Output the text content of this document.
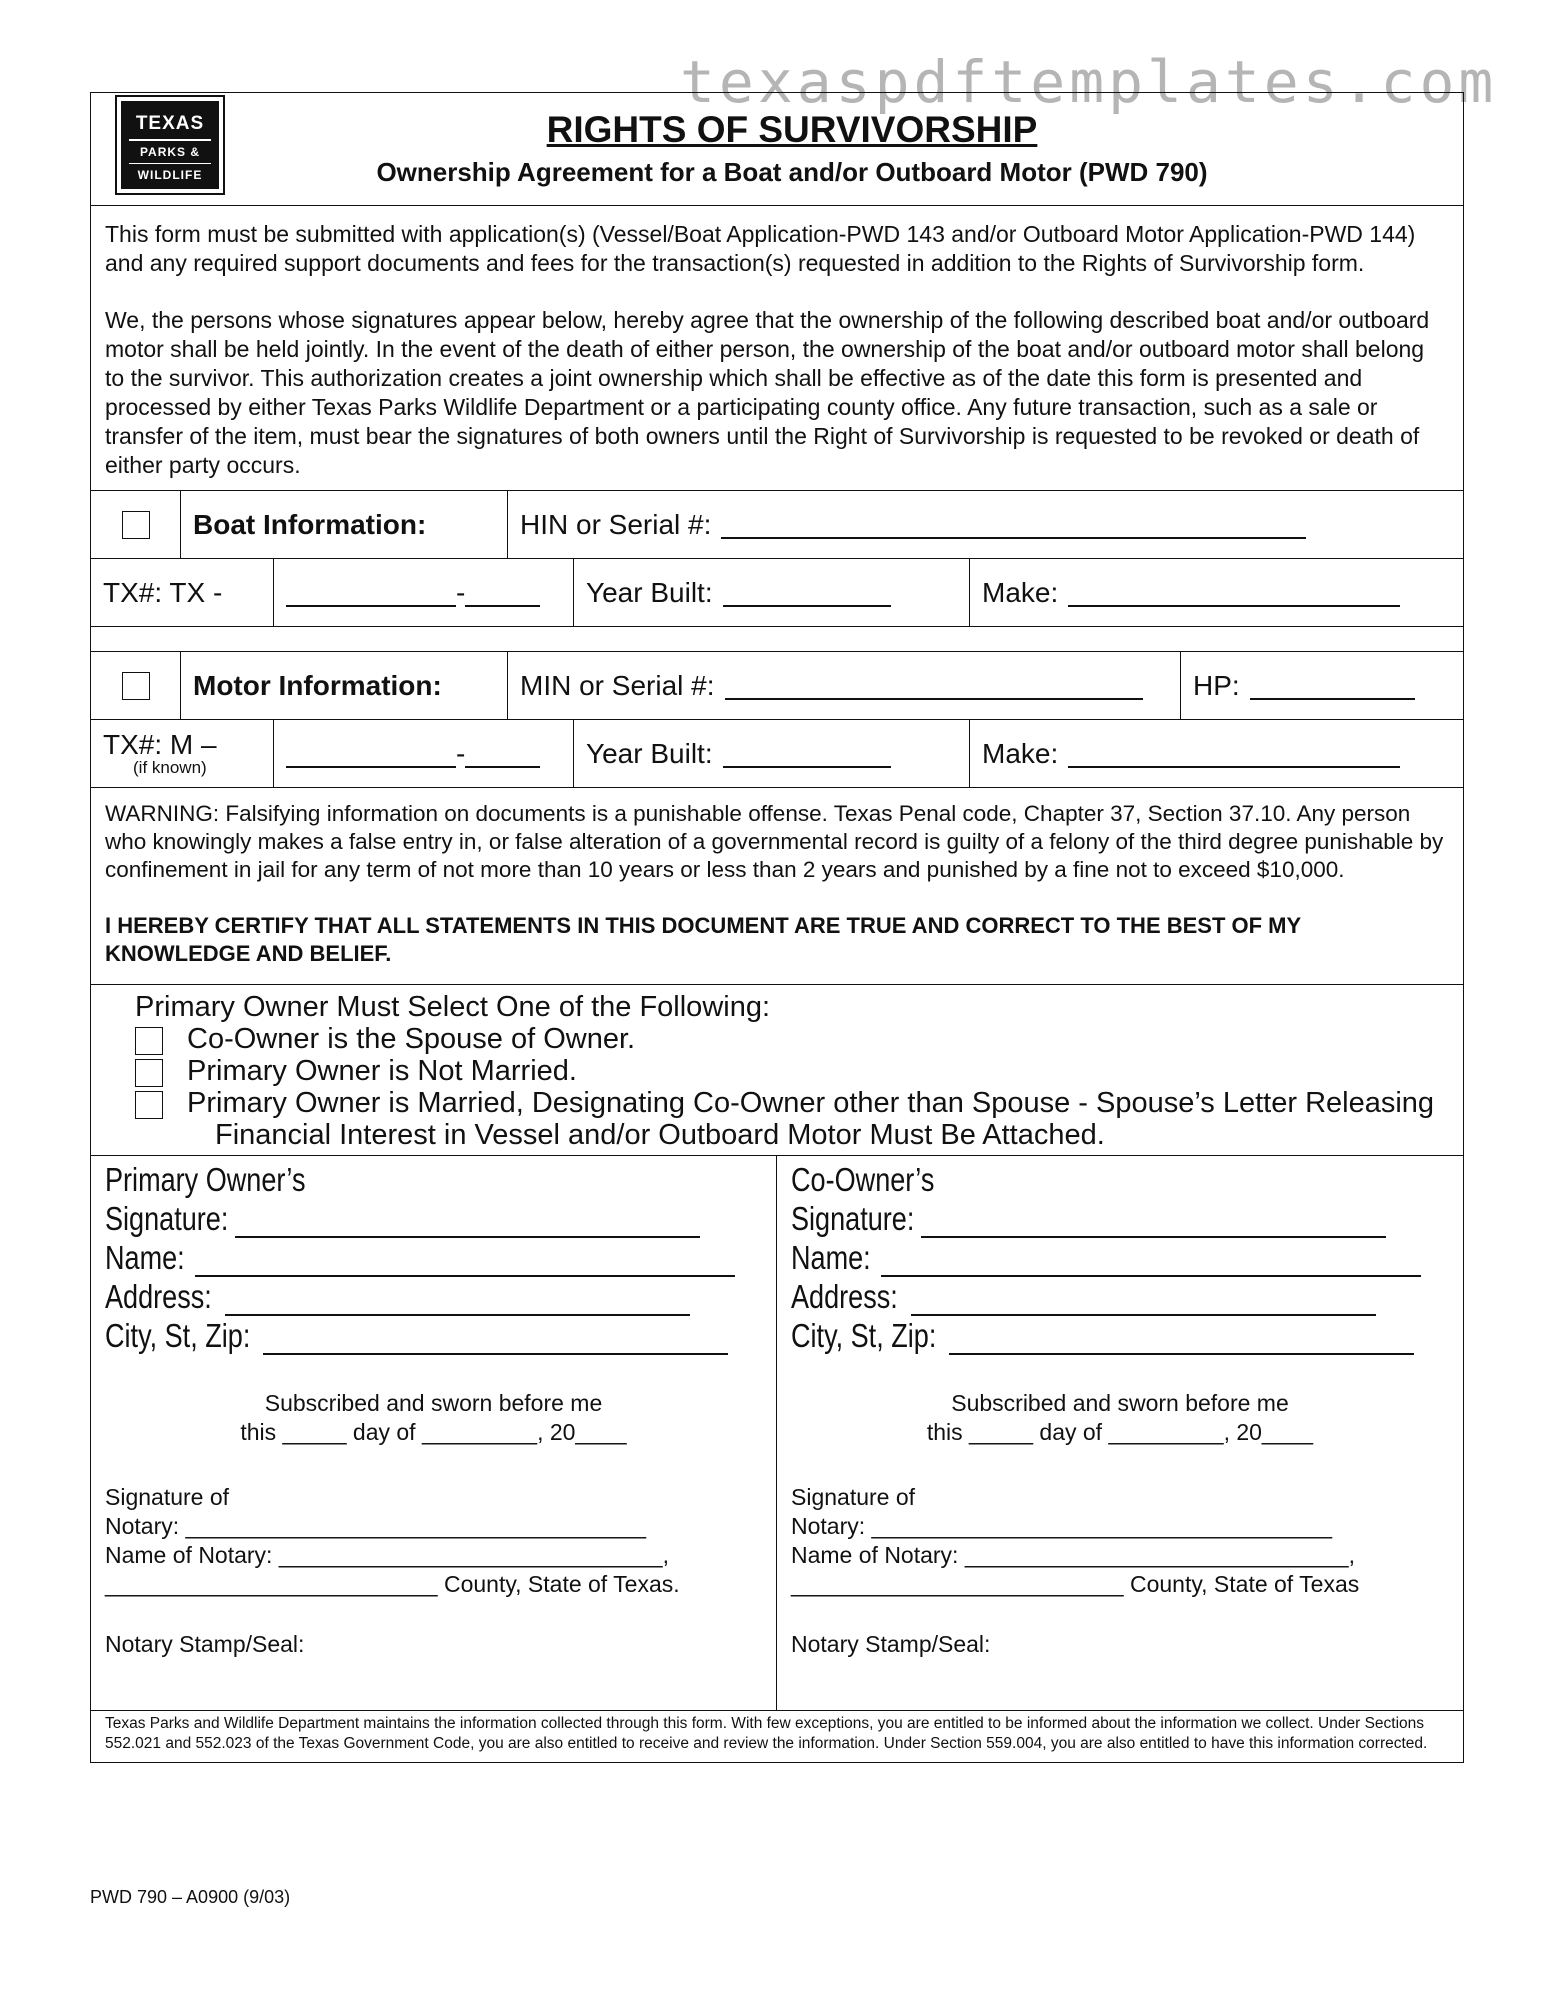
texaspdftemplates.com
TEXAS
PARKS &
WILDLIFE
RIGHTS OF SURVIVORSHIP
Ownership Agreement for a Boat and/or Outboard Motor (PWD 790)

This form must be submitted with application(s) (Vessel/Boat Application-PWD 143 and/or Outboard Motor Application-PWD 144) and any required support documents and fees for the transaction(s) requested in addition to the Rights of Survivorship form.

We, the persons whose signatures appear below, hereby agree that the ownership of the following described boat and/or outboard motor shall be held jointly. In the event of the death of either person, the ownership of the boat and/or outboard motor shall belong to the survivor. This authorization creates a joint ownership which shall be effective as of the date this form is presented and processed by either Texas Parks Wildlife Department or a participating county office. Any future transaction, such as a sale or transfer of the item, must bear the signatures of both owners until the Right of Survivorship is requested to be revoked or death of either party occurs.

Boat Information:	HIN or Serial #:
TX#: TX -	-	Year Built:	Make:
Motor Information:	MIN or Serial #:	HP:
TX#: M –
(if known)	-	Year Built:	Make:

WARNING: Falsifying information on documents is a punishable offense. Texas Penal code, Chapter 37, Section 37.10. Any person who knowingly makes a false entry in, or false alteration of a governmental record is guilty of a felony of the third degree punishable by confinement in jail for any term of not more than 10 years or less than 2 years and punished by a fine not to exceed $10,000.

I HEREBY CERTIFY THAT ALL STATEMENTS IN THIS DOCUMENT ARE TRUE AND CORRECT TO THE BEST OF MY KNOWLEDGE AND BELIEF.

Primary Owner Must Select One of the Following:
Co-Owner is the Spouse of Owner.
Primary Owner is Not Married.
Primary Owner is Married, Designating Co-Owner other than Spouse - Spouse’s Letter Releasing
Financial Interest in Vessel and/or Outboard Motor Must Be Attached.
Primary Owner’s
Signature:
Name:
Address:
City, St, Zip:
Subscribed and sworn before me
this _____ day of _________, 20____
Signature of
Notary: ____________________________________
Name of Notary: ______________________________,
__________________________ County, State of Texas.
Notary Stamp/Seal:
Co-Owner’s
Signature:
Name:
Address:
City, St, Zip:
Subscribed and sworn before me
this _____ day of _________, 20____
Signature of
Notary: ____________________________________
Name of Notary: ______________________________,
__________________________ County, State of Texas
Notary Stamp/Seal:
Texas Parks and Wildlife Department maintains the information collected through this form. With few exceptions, you are entitled to be informed about the information we collect. Under Sections 552.021 and 552.023 of the Texas Government Code, you are also entitled to receive and review the information. Under Section 559.004, you are also entitled to have this information corrected.
PWD 790 – A0900 (9/03)
